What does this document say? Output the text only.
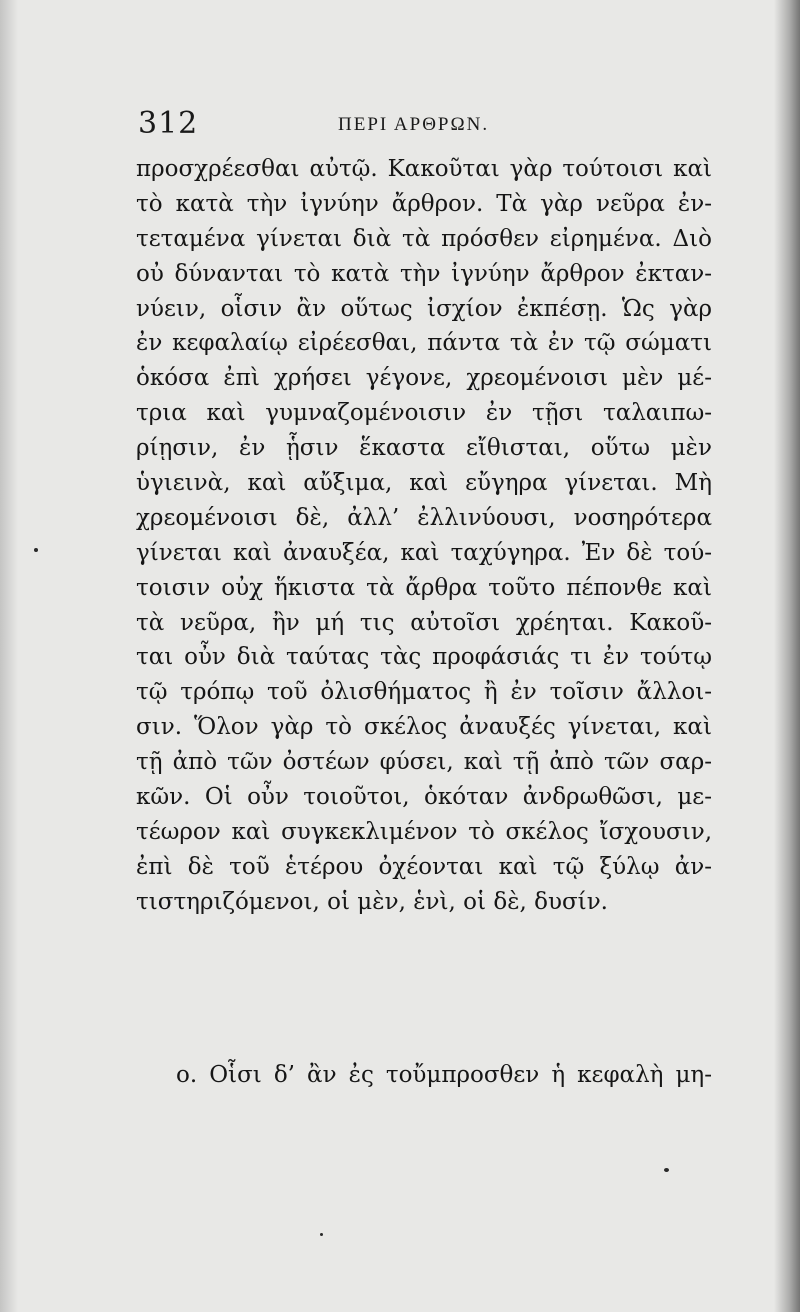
312	ΠΕΡΙ ΑΡΘΡΩΝ.
προσχρέεσθαι αὐτῷ. Κακοῦται γὰρ τούτοισι καὶ
τὸ κατὰ τὴν ἰγνύην ἄρθρον. Τὰ γὰρ νεῦρα ἐν-
τεταμένα γίνεται διὰ τὰ πρόσθεν εἰρημένα. Διὸ
οὐ δύνανται τὸ κατὰ τὴν ἰγνύην ἄρθρον ἐκταν-
νύειν, οἷσιν ἂν οὕτως ἰσχίον ἐκπέσῃ. Ὡς γὰρ
ἐν κεφαλαίῳ εἰρέεσθαι, πάντα τὰ ἐν τῷ σώματι
ὁκόσα ἐπὶ χρήσει γέγονε, χρεομένοισι μὲν μέ-
τρια καὶ γυμναζομένοισιν ἐν τῇσι ταλαιπω-
ρίῃσιν, ἐν ᾗσιν ἕκαστα εἴθισται, οὕτω μὲν
ὑγιεινὰ, καὶ αὔξιμα, καὶ εὔγηρα γίνεται. Μὴ
χρεομένοισι δὲ, ἀλλ’ ἐλλινύουσι, νοσηρότερα
γίνεται καὶ ἀναυξέα, καὶ ταχύγηρα. Ἐν δὲ τού-
τοισιν οὐχ ἥκιστα τὰ ἄρθρα τοῦτο πέπονθε καὶ
τὰ νεῦρα, ἢν μή τις αὐτοῖσι χρέηται. Κακοῦ-
ται οὖν διὰ ταύτας τὰς προφάσιάς τι ἐν τούτῳ
τῷ τρόπῳ τοῦ ὀλισθήματος ἢ ἐν τοῖσιν ἄλλοι-
σιν. Ὅλον γὰρ τὸ σκέλος ἀναυξές γίνεται, καὶ
τῇ ἀπὸ τῶν ὀστέων φύσει, καὶ τῇ ἀπὸ τῶν σαρ-
κῶν. Οἱ οὖν τοιοῦτοι, ὁκόταν ἀνδρωθῶσι, με-
τέωρον καὶ συγκεκλιμένον τὸ σκέλος ἴσχουσιν,
ἐπὶ δὲ τοῦ ἑτέρου ὀχέονται καὶ τῷ ξύλῳ ἀν-
τιστηριζόμενοι, οἱ μὲν, ἑνὶ, οἱ δὲ, δυσίν.
ο. Οἷσι δ’ ἂν ἐς τοὔμπροσθεν ἡ κεφαλὴ μη-
